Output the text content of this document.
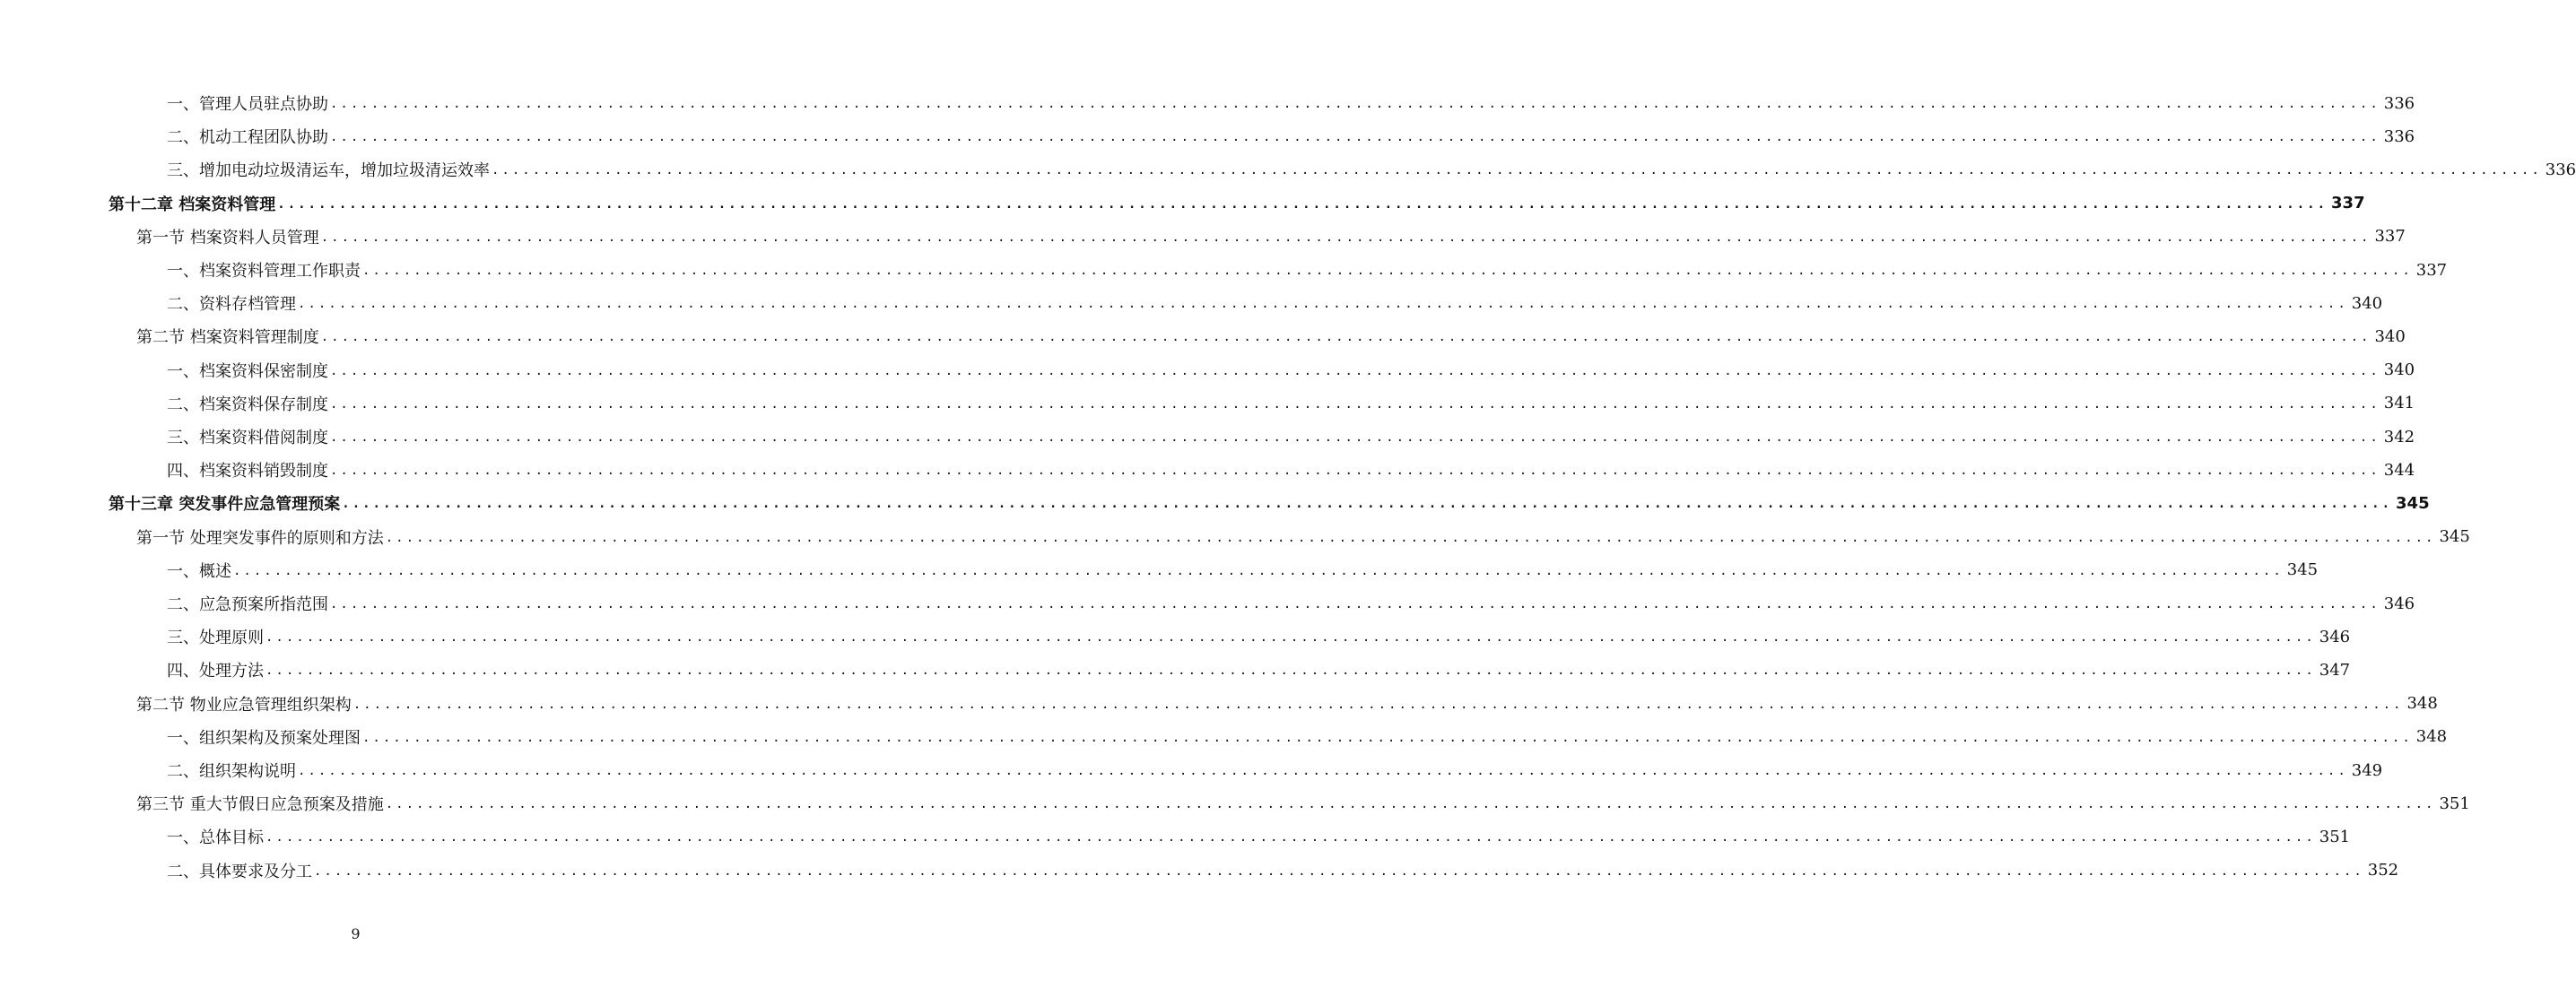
一、管理人员驻点协助 ........................................................................................................................................................................................................ 336
二、机动工程团队协助 ........................................................................................................................................................................................................ 336
三、增加电动垃圾清运车，增加垃圾清运效率 ........................................................................................................................................................................................................ 336
第十二章 档案资料管理 ........................................................................................................................................................................................................ 337
第一节 档案资料人员管理 ........................................................................................................................................................................................................ 337
一、档案资料管理工作职责 ........................................................................................................................................................................................................ 337
二、资料存档管理 ........................................................................................................................................................................................................ 340
第二节 档案资料管理制度 ........................................................................................................................................................................................................ 340
一、档案资料保密制度 ........................................................................................................................................................................................................ 340
二、档案资料保存制度 ........................................................................................................................................................................................................ 341
三、档案资料借阅制度 ........................................................................................................................................................................................................ 342
四、档案资料销毁制度 ........................................................................................................................................................................................................ 344
第十三章 突发事件应急管理预案 ........................................................................................................................................................................................................ 345
第一节 处理突发事件的原则和方法 ........................................................................................................................................................................................................ 345
一、概述 ........................................................................................................................................................................................................ 345
二、应急预案所指范围 ........................................................................................................................................................................................................ 346
三、处理原则 ........................................................................................................................................................................................................ 346
四、处理方法 ........................................................................................................................................................................................................ 347
第二节 物业应急管理组织架构 ........................................................................................................................................................................................................ 348
一、组织架构及预案处理图 ........................................................................................................................................................................................................ 348
二、组织架构说明 ........................................................................................................................................................................................................ 349
第三节 重大节假日应急预案及措施 ........................................................................................................................................................................................................ 351
一、总体目标 ........................................................................................................................................................................................................ 351
二、具体要求及分工 ........................................................................................................................................................................................................ 352
9
